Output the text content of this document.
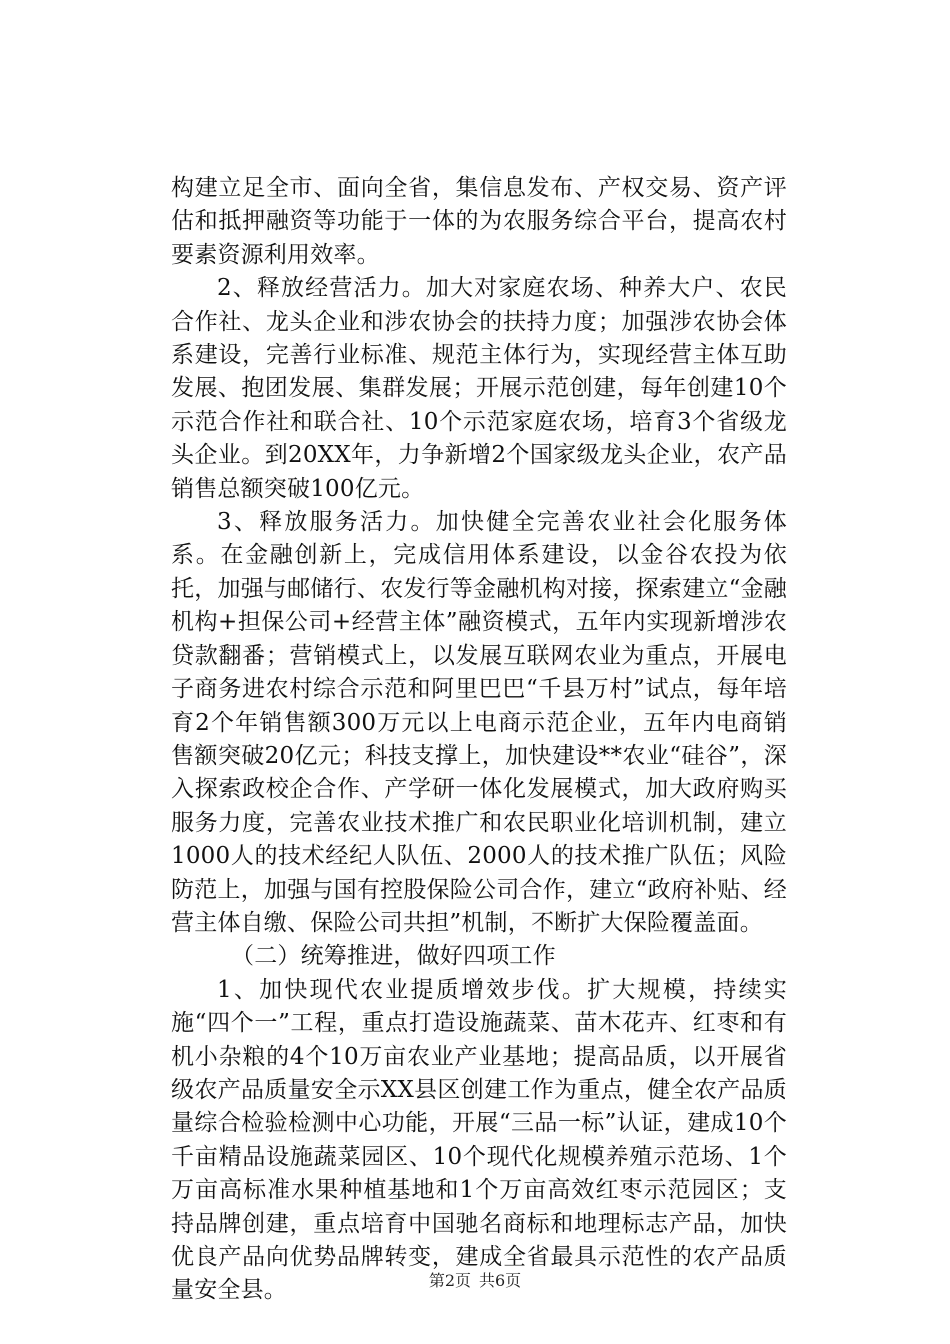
构建立足全市、面向全省，集信息发布、产权交易、资产评估和抵押融资等功能于一体的为农服务综合平台，提高农村要素资源利用效率。

2、释放经营活力。加大对家庭农场、种养大户、农民合作社、龙头企业和涉农协会的扶持力度；加强涉农协会体系建设，完善行业标准、规范主体行为，实现经营主体互助发展、抱团发展、集群发展；开展示范创建，每年创建10个示范合作社和联合社、10个示范家庭农场，培育3个省级龙头企业。到20XX年，力争新增2个国家级龙头企业，农产品销售总额突破100亿元。

3、释放服务活力。加快健全完善农业社会化服务体系。在金融创新上，完成信用体系建设，以金谷农投为依托，加强与邮储行、农发行等金融机构对接，探索建立“金融机构+担保公司+经营主体”融资模式，五年内实现新增涉农贷款翻番；营销模式上，以发展互联网农业为重点，开展电子商务进农村综合示范和阿里巴巴“千县万村”试点，每年培育2个年销售额300万元以上电商示范企业，五年内电商销售额突破20亿元；科技支撑上，加快建设**农业“硅谷”，深入探索政校企合作、产学研一体化发展模式，加大政府购买服务力度，完善农业技术推广和农民职业化培训机制，建立1000人的技术经纪人队伍、2000人的技术推广队伍；风险防范上，加强与国有控股保险公司合作，建立“政府补贴、经营主体自缴、保险公司共担”机制，不断扩大保险覆盖面。

（二）统筹推进，做好四项工作

1、加快现代农业提质增效步伐。扩大规模，持续实施“四个一”工程，重点打造设施蔬菜、苗木花卉、红枣和有机小杂粮的4个10万亩农业产业基地；提高品质，以开展省级农产品质量安全示XX县区创建工作为重点，健全农产品质量综合检验检测中心功能，开展“三品一标”认证，建成10个千亩精品设施蔬菜园区、10个现代化规模养殖示范场、1个万亩高标准水果种植基地和1个万亩高效红枣示范园区；支持品牌创建，重点培育中国驰名商标和地理标志产品，加快优良产品向优势品牌转变，建成全省最具示范性的农产品质量安全县。	第2页 共6页
